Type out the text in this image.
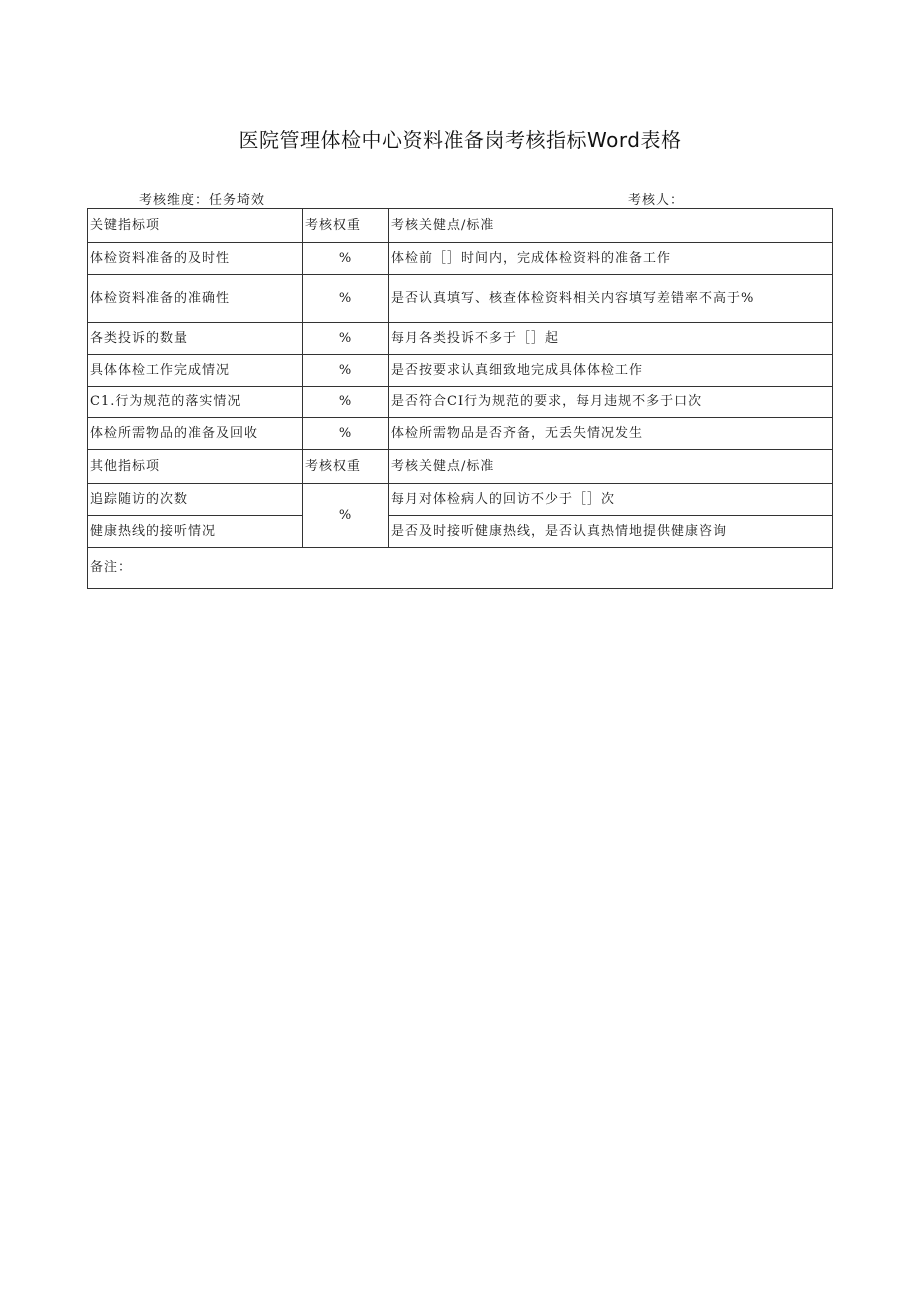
医院管理体检中心资料准备岗考核指标Word表格
考核维度：任务埼效	考核人：
关键指标项	考核权重	考核关健点/标准
体检资料准备的及时性	%	体检前［］时间内，完成体检资料的准备工作
体检资料准备的准确性	%	是否认真填写、核查体检资料相关内容填写差错率不高于%
各类投诉的数量	%	每月各类投诉不多于［］起
具体体检工作完成情况	%	是否按要求认真细致地完成具体体检工作
C1.行为规范的落实情况	%	是否符合CI行为规范的要求，每月违规不多于口次
体检所需物品的准备及回收	%	体检所需物品是否齐备，无丢失情况发生
其他指标项	考核权重	考核关健点/标准
追踪随访的次数	%	每月对体检病人的回访不少于［］次
健康热线的接听情况		是否及时接听健康热线，是否认真热情地提供健康咨询
备注：		
